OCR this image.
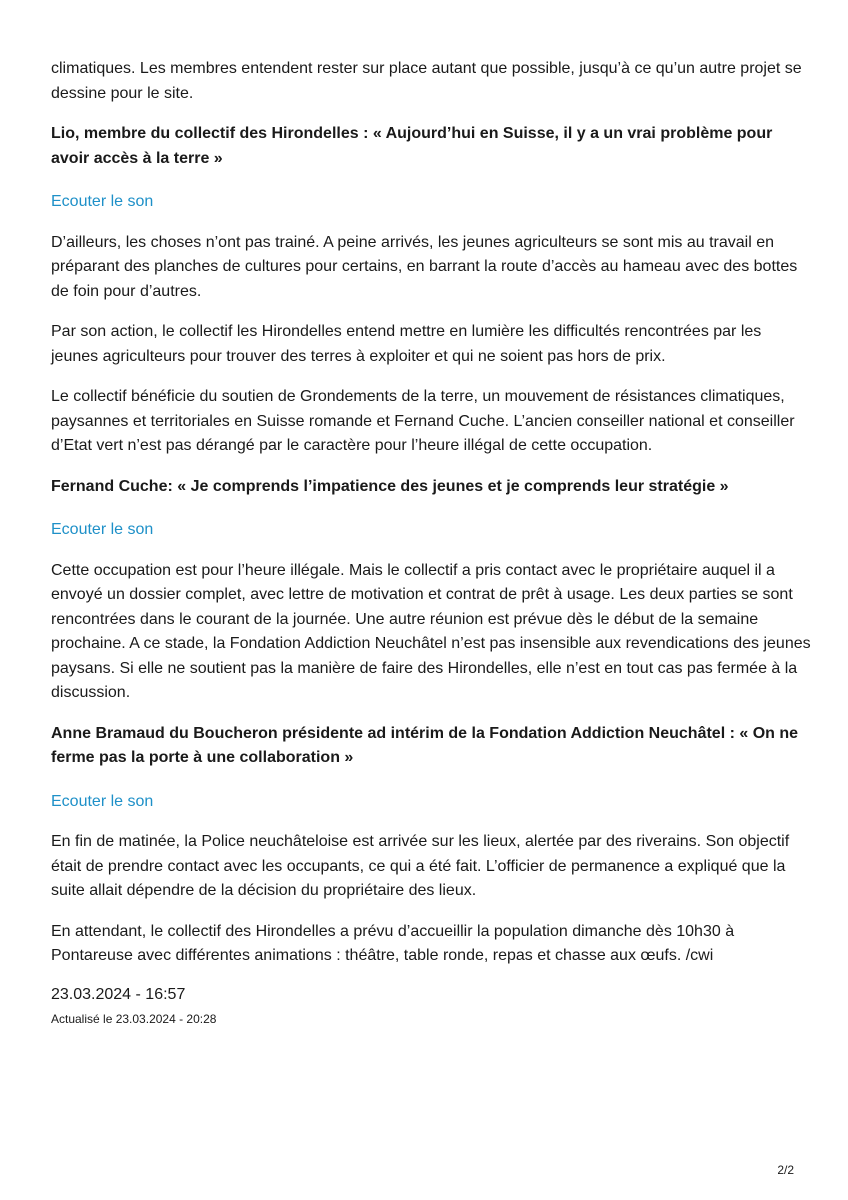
climatiques. Les membres entendent rester sur place autant que possible, jusqu’à ce qu’un autre projet se dessine pour le site.

Lio, membre du collectif des Hirondelles : « Aujourd’hui en Suisse, il y a un vrai problème pour avoir accès à la terre »

Ecouter le son

D’ailleurs, les choses n’ont pas trainé. A peine arrivés, les jeunes agriculteurs se sont mis au travail en préparant des planches de cultures pour certains, en barrant la route d’accès au hameau avec des bottes de foin pour d’autres.

Par son action, le collectif les Hirondelles entend mettre en lumière les difficultés rencontrées par les jeunes agriculteurs pour trouver des terres à exploiter et qui ne soient pas hors de prix.

Le collectif bénéficie du soutien de Grondements de la terre, un mouvement de résistances climatiques, paysannes et territoriales en Suisse romande et Fernand Cuche. L’ancien conseiller national et conseiller d’Etat vert n’est pas dérangé par le caractère pour l’heure illégal de cette occupation.

Fernand Cuche: « Je comprends l’impatience des jeunes et je comprends leur stratégie »

Ecouter le son

Cette occupation est pour l’heure illégale. Mais le collectif a pris contact avec le propriétaire auquel il a envoyé un dossier complet, avec lettre de motivation et contrat de prêt à usage. Les deux parties se sont rencontrées dans le courant de la journée. Une autre réunion est prévue dès le début de la semaine prochaine. A ce stade, la Fondation Addiction Neuchâtel n’est pas insensible aux revendications des jeunes paysans. Si elle ne soutient pas la manière de faire des Hirondelles, elle n’est en tout cas pas fermée à la discussion.

Anne Bramaud du Boucheron présidente ad intérim de la Fondation Addiction Neuchâtel : « On ne ferme pas la porte à une collaboration »

Ecouter le son

En fin de matinée, la Police neuchâteloise est arrivée sur les lieux, alertée par des riverains. Son objectif était de prendre contact avec les occupants, ce qui a été fait. L’officier de permanence a expliqué que la suite allait dépendre de la décision du propriétaire des lieux.

En attendant, le collectif des Hirondelles a prévu d’accueillir la population dimanche dès 10h30 à Pontareuse avec différentes animations : théâtre, table ronde, repas et chasse aux œufs. /cwi

23.03.2024 - 16:57

Actualisé le 23.03.2024 - 20:28

2/2
